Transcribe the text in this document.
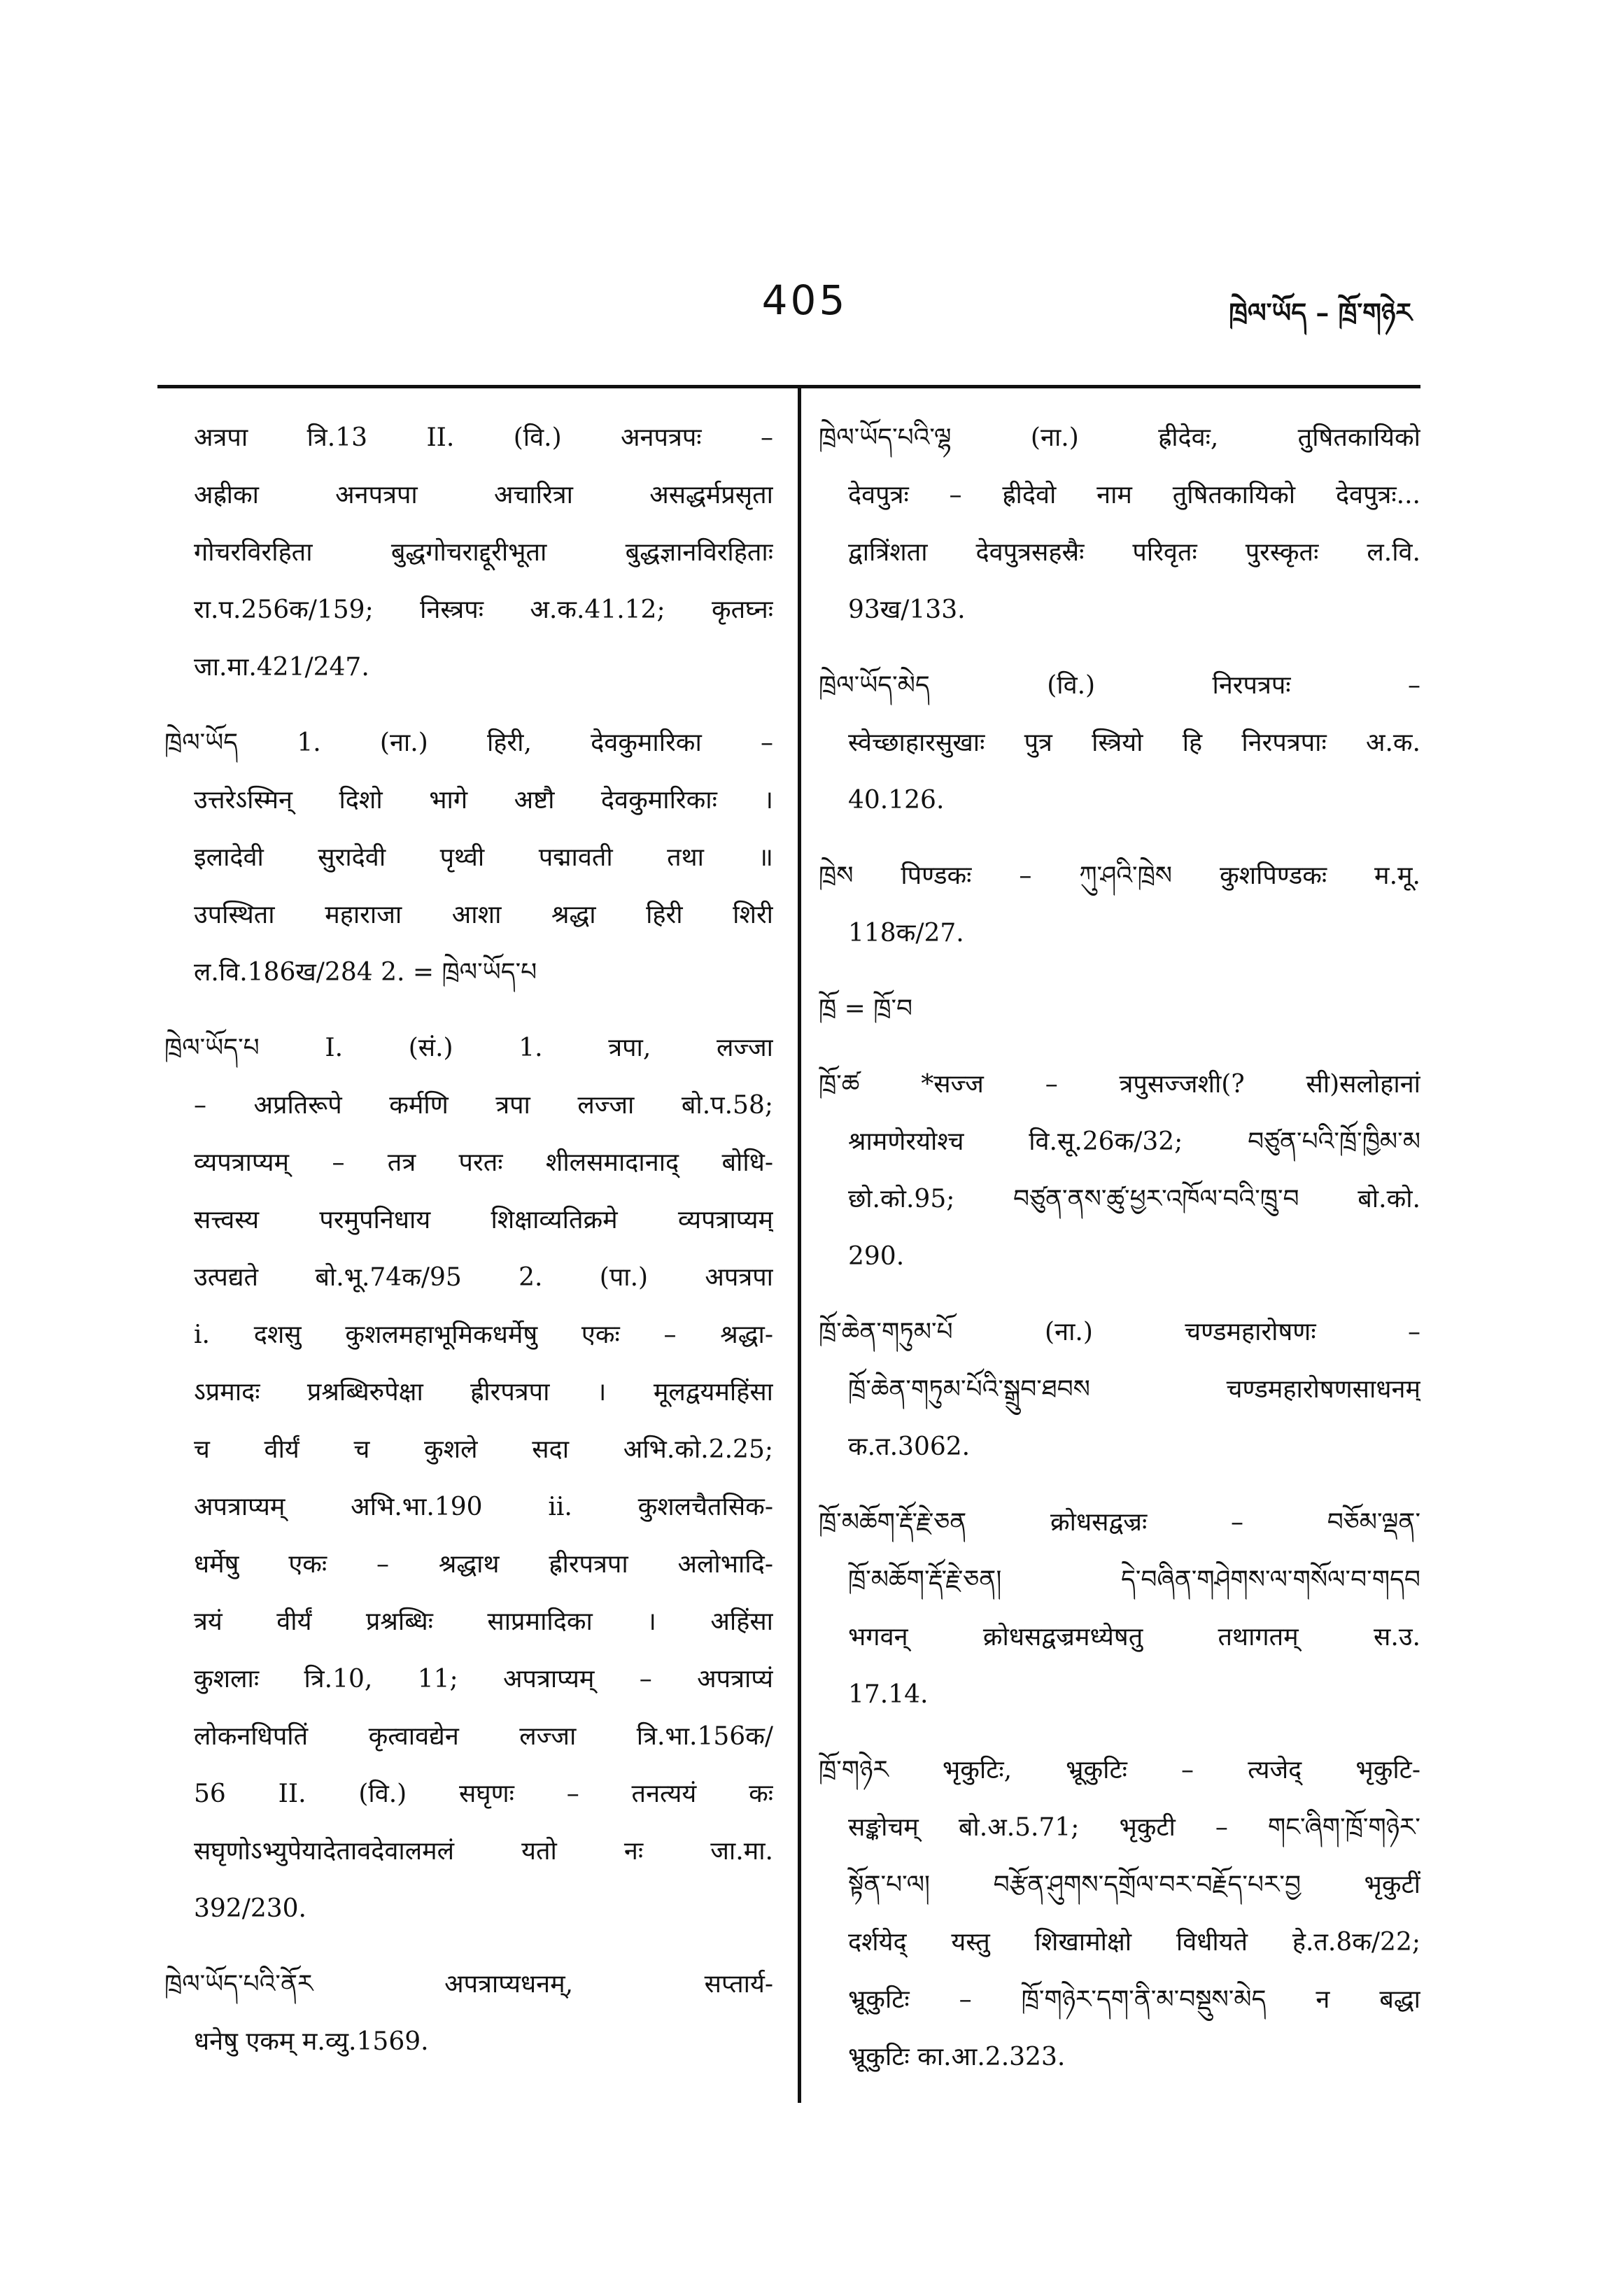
405	ཁྲེལ་ཡོད – ཁྲོ་གཉེར
अत्रपा त्रि.13 II. (वि.) अनपत्रपः –
अह्रीका अनपत्रपा अचारित्रा असद्धर्मप्रसृता
गोचरविरहिता बुद्धगोचराद्दूरीभूता बुद्धज्ञानविरहिताः
रा.प.256क/159; निस्त्रपः अ.क.41.12; कृतघ्नः
जा.मा.421/247.
ཁྲེལ་ཡོད 1. (ना.) हिरी, देवकुमारिका –
उत्तरेऽस्मिन् दिशो भागे अष्टौ देवकुमारिकाः ।
इलादेवी सुरादेवी पृथ्वी पद्मावती तथा ॥
उपस्थिता महाराजा आशा श्रद्धा हिरी शिरी
ल.वि.186ख/284 2. = ཁྲེལ་ཡོད་པ
ཁྲེལ་ཡོད་པ I. (सं.) 1. त्रपा, लज्जा
– अप्रतिरूपे कर्मणि त्रपा लज्जा बो.प.58;
व्यपत्राप्यम् – तत्र परतः शीलसमादानाद् बोधि-
सत्त्वस्य परमुपनिधाय शिक्षाव्यतिक्रमे व्यपत्राप्यम्
उत्पद्यते बो.भू.74क/95 2. (पा.) अपत्रपा
i. दशसु कुशलमहाभूमिकधर्मेषु एकः – श्रद्धा-
ऽप्रमादः प्रश्रब्धिरुपेक्षा ह्रीरपत्रपा । मूलद्वयमहिंसा
च वीर्यं च कुशले सदा अभि.को.2.25;
अपत्राप्यम् अभि.भा.190 ii. कुशलचैतसिक-
धर्मेषु एकः – श्रद्धाथ ह्रीरपत्रपा अलोभादि-
त्रयं वीर्यं प्रश्रब्धिः साप्रमादिका । अहिंसा
कुशलाः त्रि.10, 11; अपत्राप्यम् – अपत्राप्यं
लोकनधिपतिं कृत्वावद्येन लज्जा त्रि.भा.156क/
56 II. (वि.) सघृणः – तनत्ययं कः
सघृणोऽभ्युपेयादेतावदेवालमलं यतो नः जा.मा.
392/230.
ཁྲེལ་ཡོད་པའི་ནོར अपत्राप्यधनम्, सप्तार्य-
धनेषु एकम् म.व्यु.1569.
ཁྲེལ་ཡོད་པའི་ལྷ (ना.) ह्रीदेवः, तुषितकायिको
देवपुत्रः – ह्रीदेवो नाम तुषितकायिको देवपुत्रः...
द्वात्रिंशता देवपुत्रसहस्रैः परिवृतः पुरस्कृतः ल.वि.
93ख/133.
ཁྲེལ་ཡོད་མེད (वि.) निरपत्रपः –
स्वेच्छाहारसुखाः पुत्र स्त्रियो हि निरपत्रपाः अ.क.
40.126.
ཁྲེས पिण्डकः – ཀུ་ཤའི་ཁྲེས कुशपिण्डकः म.मू.
118क/27.
ཁྲོ = ཁྲོ་བ
ཁྲོ་ཚ *सज्ज – त्रपुसज्जशी(? सी)सलोहानां
श्रामणेरयोश्च वि.सू.26क/32; བཙུན་པའི་ཁྲོ་ཁྱིམ་མ
छो.को.95; བཙུན་ནས་ཚུ་ཕྱར་འཁོལ་བའི་ཁྲུ་བ बो.को.
290.
ཁྲོ་ཆེན་གཏུམ་པོ (ना.) चण्डमहारोषणः –
ཁྲོ་ཆེན་གཏུམ་པོའི་སྒྲུབ་ཐབས चण्डमहारोषणसाधनम्
क.त.3062.
ཁྲོ་མཆོག་རྡོ་རྗེ་ཅན क्रोधसद्वज्रः – བཅོམ་ལྡན་
ཁྲོ་མཆོག་རྡོ་རྗེ་ཅན། དེ་བཞིན་གཤེགས་ལ་གསོལ་བ་གདབ
भगवन् क्रोधसद्वज्रमध्येषतु तथागतम् स.उ.
17.14.
ཁྲོ་གཉེར भृकुटिः, भ्रूकुटिः – त्यजेद् भृकुटि-
सङ्कोचम् बो.अ.5.71; भृकुटी – གང་ཞིག་ཁྲོ་གཉེར་
སྟོན་པ་ལ། བརྩོན་ཤུགས་དགྲོལ་བར་བརྗོད་པར་བྱ भृकुटीं
दर्शयेद् यस्तु शिखामोक्षो विधीयते हे.त.8क/22;
भ्रूकुटिः – ཁྲོ་གཉེར་དག་ནི་མ་བསྡུས་མེད न बद्धा
भ्रूकुटिः का.आ.2.323.
